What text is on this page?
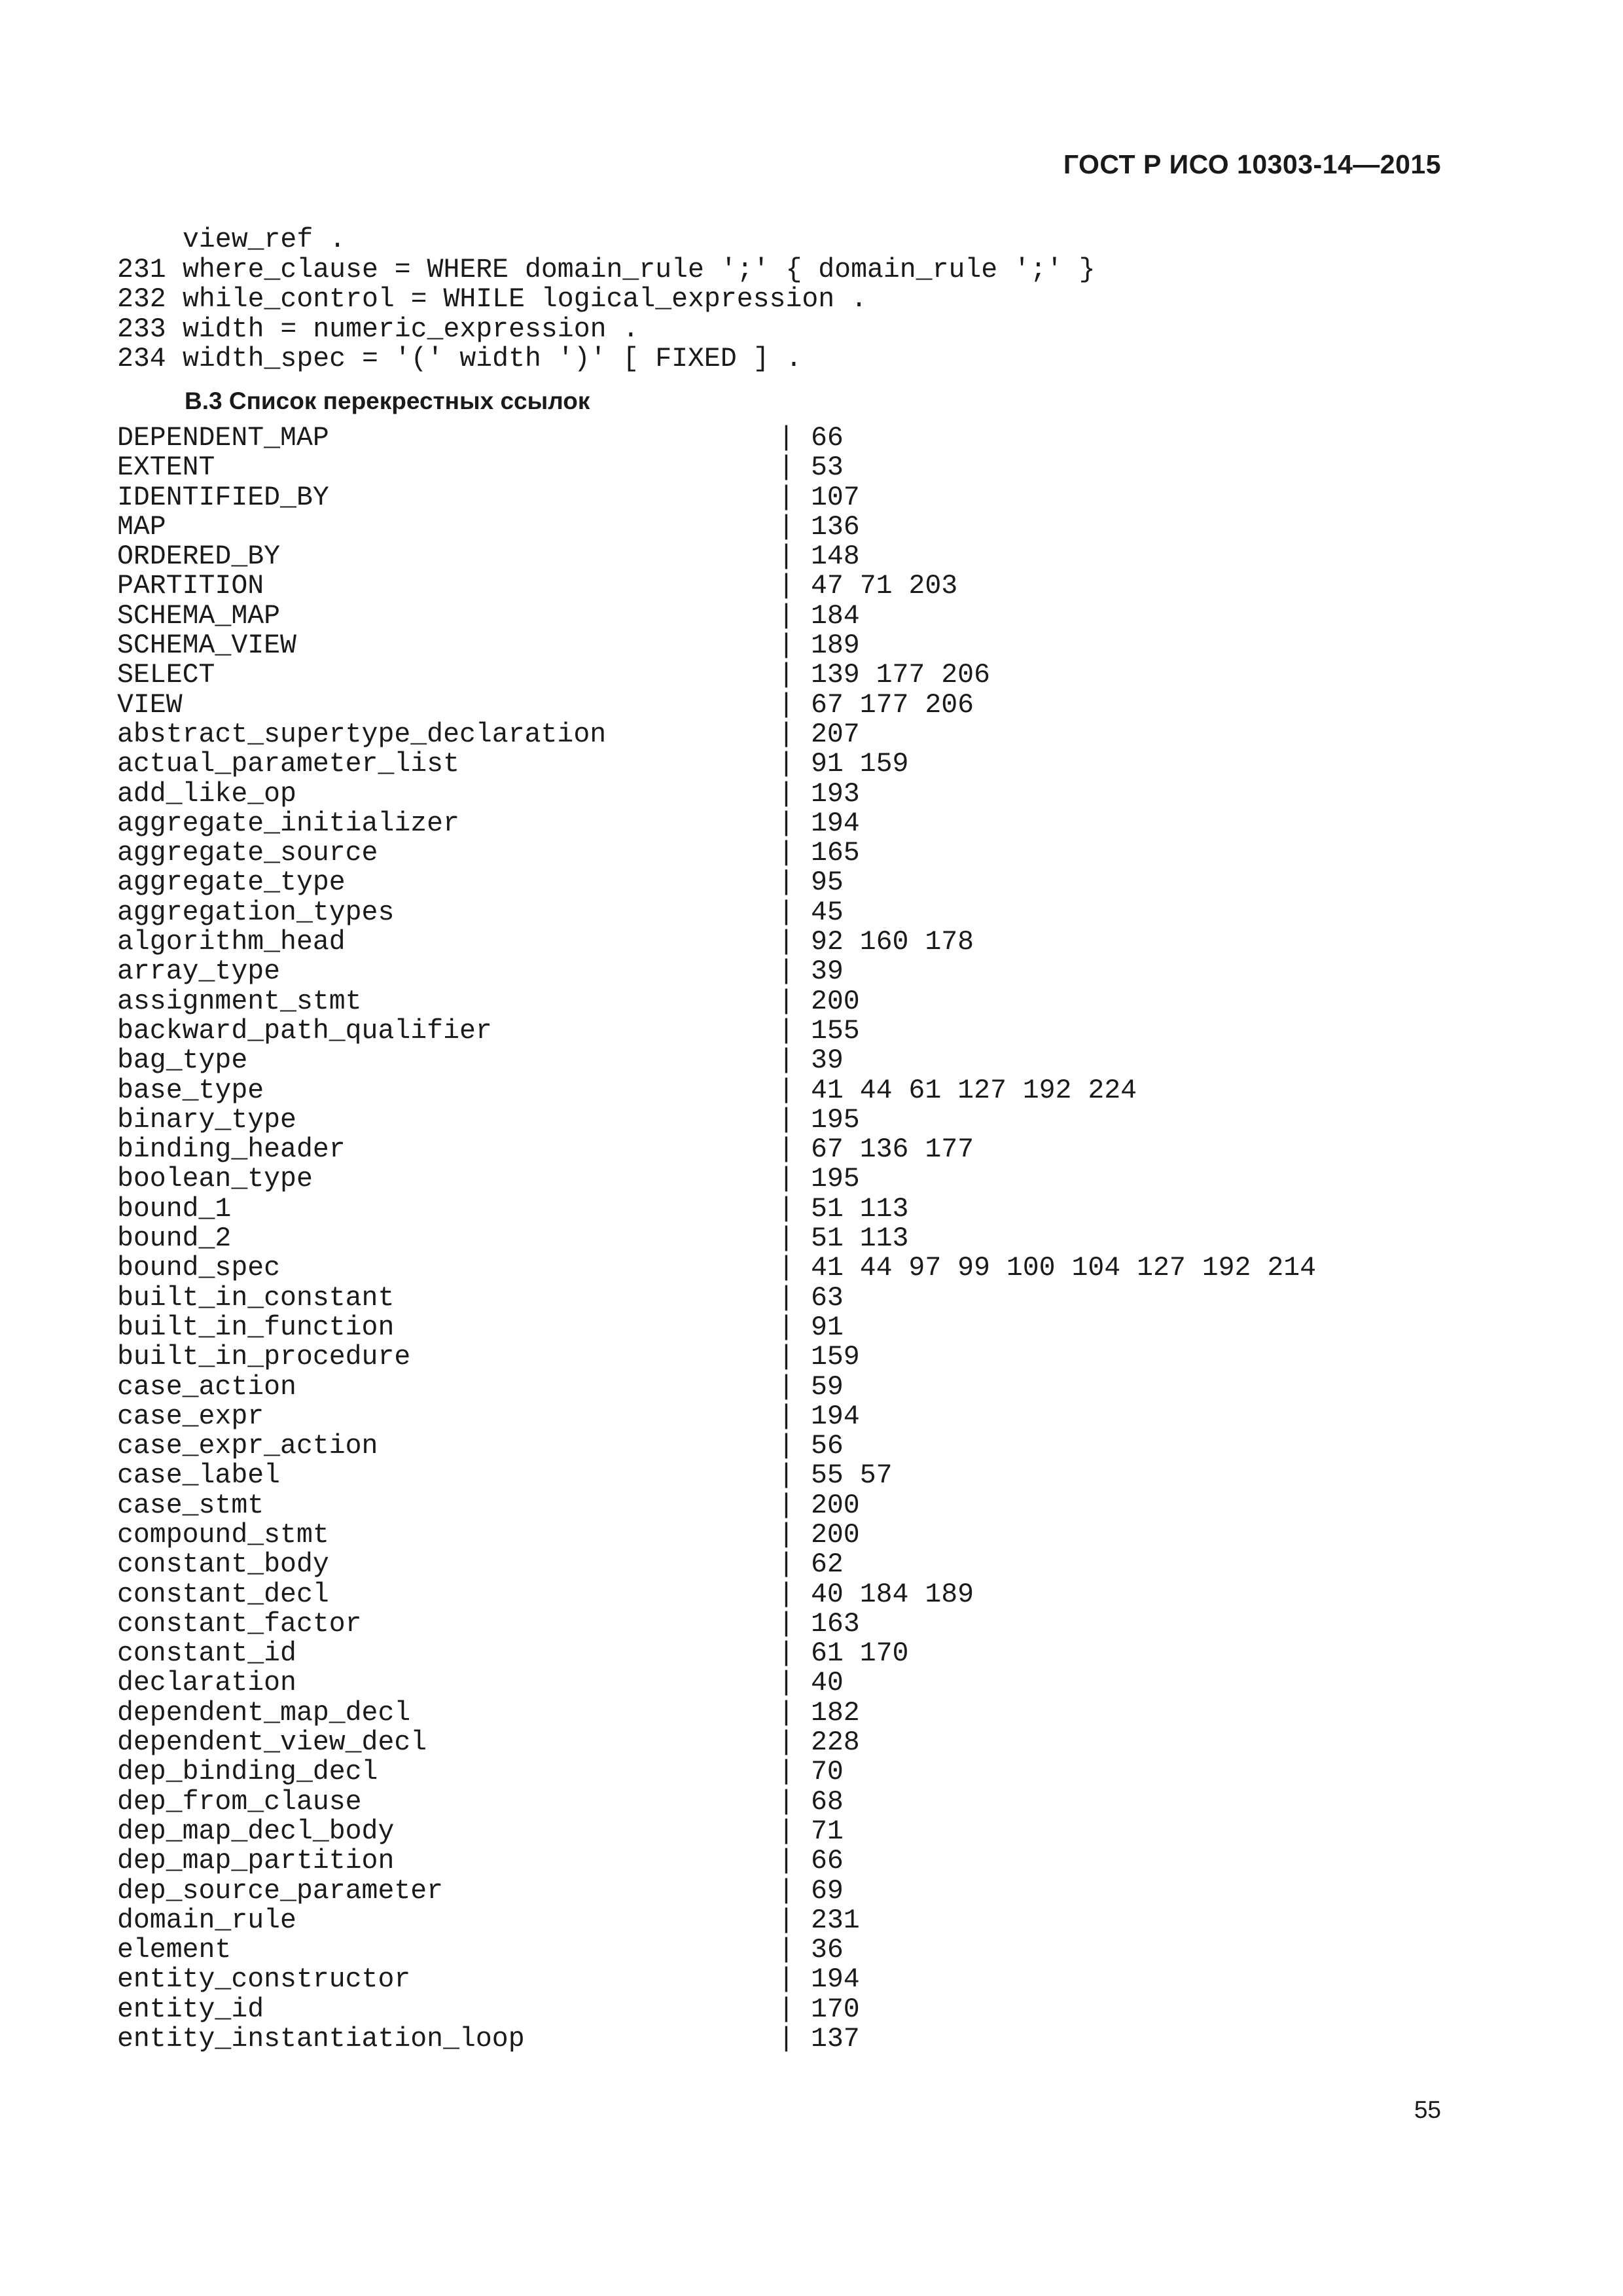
ГОСТ Р ИСО 10303-14—2015
view_ref .
231 where_clause = WHERE domain_rule ';' { domain_rule ';' }
232 while_control = WHILE logical_expression .
233 width = numeric_expression .
234 width_spec = '(' width ')' [ FIXED ] .
В.3 Список перекрестных ссылок
DEPENDENT_MAP	| 66
EXTENT	| 53
IDENTIFIED_BY	| 107
MAP	| 136
ORDERED_BY	| 148
PARTITION	| 47 71 203
SCHEMA_MAP	| 184
SCHEMA_VIEW	| 189
SELECT	| 139 177 206
VIEW	| 67 177 206
abstract_supertype_declaration	| 207
actual_parameter_list	| 91 159
add_like_op	| 193
aggregate_initializer	| 194
aggregate_source	| 165
aggregate_type	| 95
aggregation_types	| 45
algorithm_head	| 92 160 178
array_type	| 39
assignment_stmt	| 200
backward_path_qualifier	| 155
bag_type	| 39
base_type	| 41 44 61 127 192 224
binary_type	| 195
binding_header	| 67 136 177
boolean_type	| 195
bound_1	| 51 113
bound_2	| 51 113
bound_spec	| 41 44 97 99 100 104 127 192 214
built_in_constant	| 63
built_in_function	| 91
built_in_procedure	| 159
case_action	| 59
case_expr	| 194
case_expr_action	| 56
case_label	| 55 57
case_stmt	| 200
compound_stmt	| 200
constant_body	| 62
constant_decl	| 40 184 189
constant_factor	| 163
constant_id	| 61 170
declaration	| 40
dependent_map_decl	| 182
dependent_view_decl	| 228
dep_binding_decl	| 70
dep_from_clause	| 68
dep_map_decl_body	| 71
dep_map_partition	| 66
dep_source_parameter	| 69
domain_rule	| 231
element	| 36
entity_constructor	| 194
entity_id	| 170
entity_instantiation_loop	| 137
55
